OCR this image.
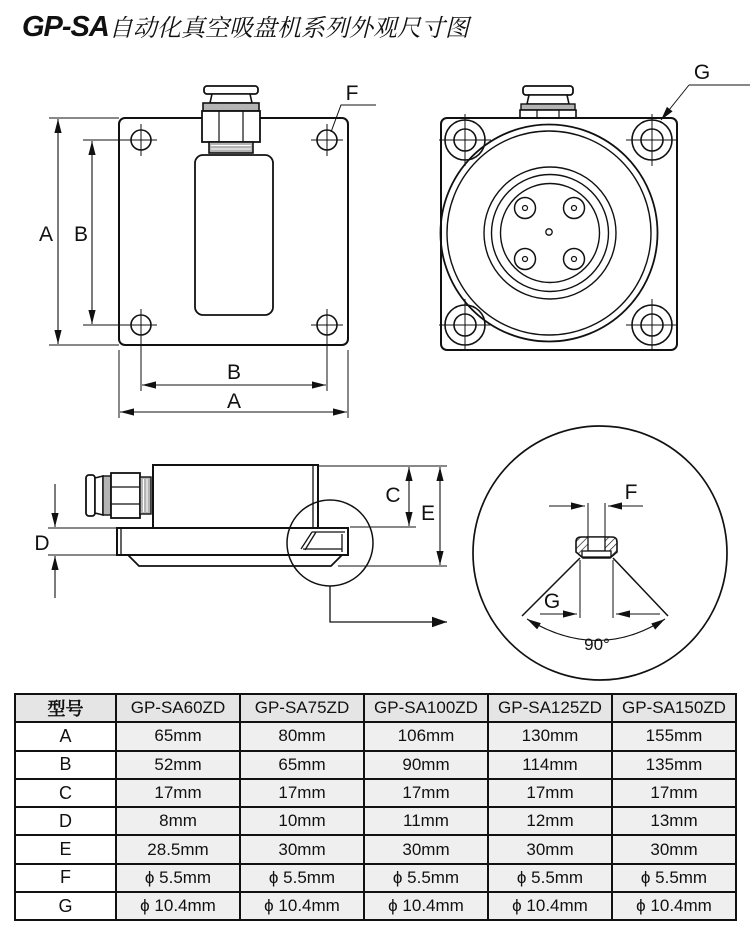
GP-SA自动化真空吸盘机系列外观尺寸图
A B
B
A
F
G
D
C
E
F
G
90°
型号	GP-SA60ZD	GP-SA75ZD	GP-SA100ZD	GP-SA125ZD	GP-SA150ZD
A	65mm	80mm	106mm	130mm	155mm
B	52mm	65mm	90mm	114mm	135mm
C	17mm	17mm	17mm	17mm	17mm
D	8mm	10mm	11mm	12mm	13mm
E	28.5mm	30mm	30mm	30mm	30mm
F	ϕ 5.5mm	ϕ 5.5mm	ϕ 5.5mm	ϕ 5.5mm	ϕ 5.5mm
G	ϕ 10.4mm	ϕ 10.4mm	ϕ 10.4mm	ϕ 10.4mm	ϕ 10.4mm
